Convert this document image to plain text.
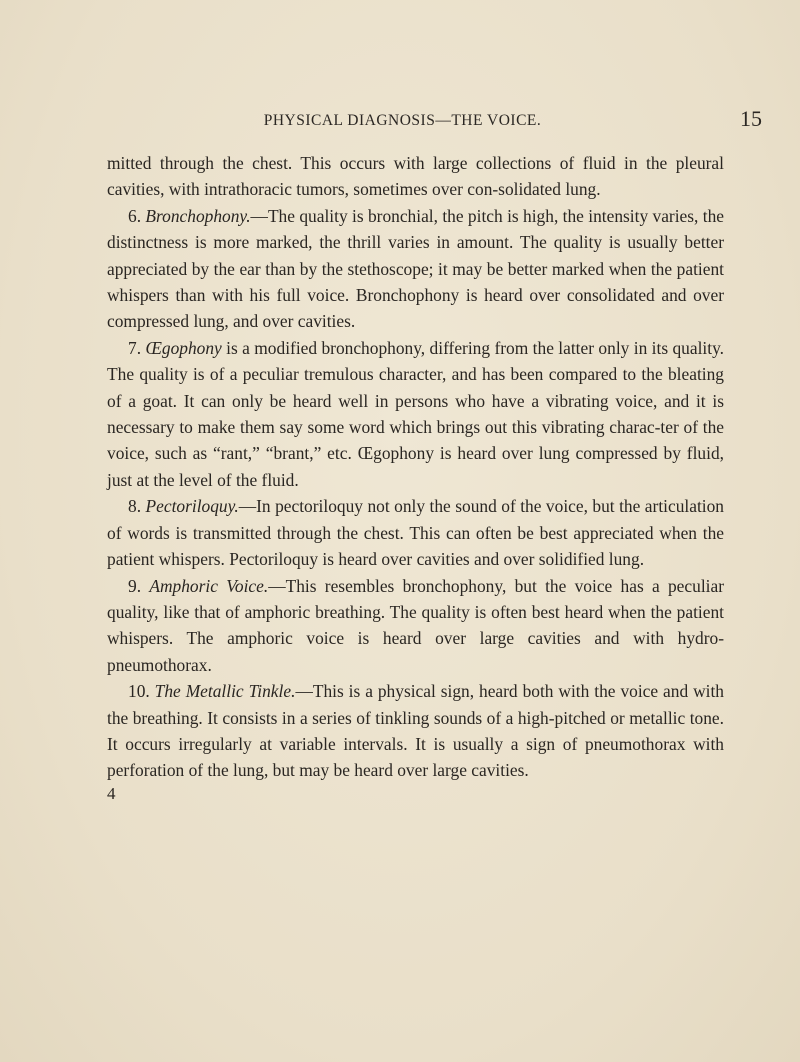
PHYSICAL DIAGNOSIS—THE VOICE.	15

mitted through the chest. This occurs with large collections of fluid in the pleural cavities, with intrathoracic tumors, sometimes over con-solidated lung.

6. Bronchophony.—The quality is bronchial, the pitch is high, the intensity varies, the distinctness is more marked, the thrill varies in amount. The quality is usually better appreciated by the ear than by the stethoscope; it may be better marked when the patient whispers than with his full voice. Bronchophony is heard over consolidated and over compressed lung, and over cavities.

7. Œgophony is a modified bronchophony, differing from the latter only in its quality. The quality is of a peculiar tremulous character, and has been compared to the bleating of a goat. It can only be heard well in persons who have a vibrating voice, and it is necessary to make them say some word which brings out this vibrating charac-ter of the voice, such as “rant,” “brant,” etc. Œgophony is heard over lung compressed by fluid, just at the level of the fluid.

8. Pectoriloquy.—In pectoriloquy not only the sound of the voice, but the articulation of words is transmitted through the chest. This can often be best appreciated when the patient whispers. Pectoriloquy is heard over cavities and over solidified lung.

9. Amphoric Voice.—This resembles bronchophony, but the voice has a peculiar quality, like that of amphoric breathing. The quality is often best heard when the patient whispers. The amphoric voice is heard over large cavities and with hydro-pneumothorax.

10. The Metallic Tinkle.—This is a physical sign, heard both with the voice and with the breathing. It consists in a series of tinkling sounds of a high-pitched or metallic tone. It occurs irregularly at variable intervals. It is usually a sign of pneumothorax with perforation of the lung, but may be heard over large cavities.

4
